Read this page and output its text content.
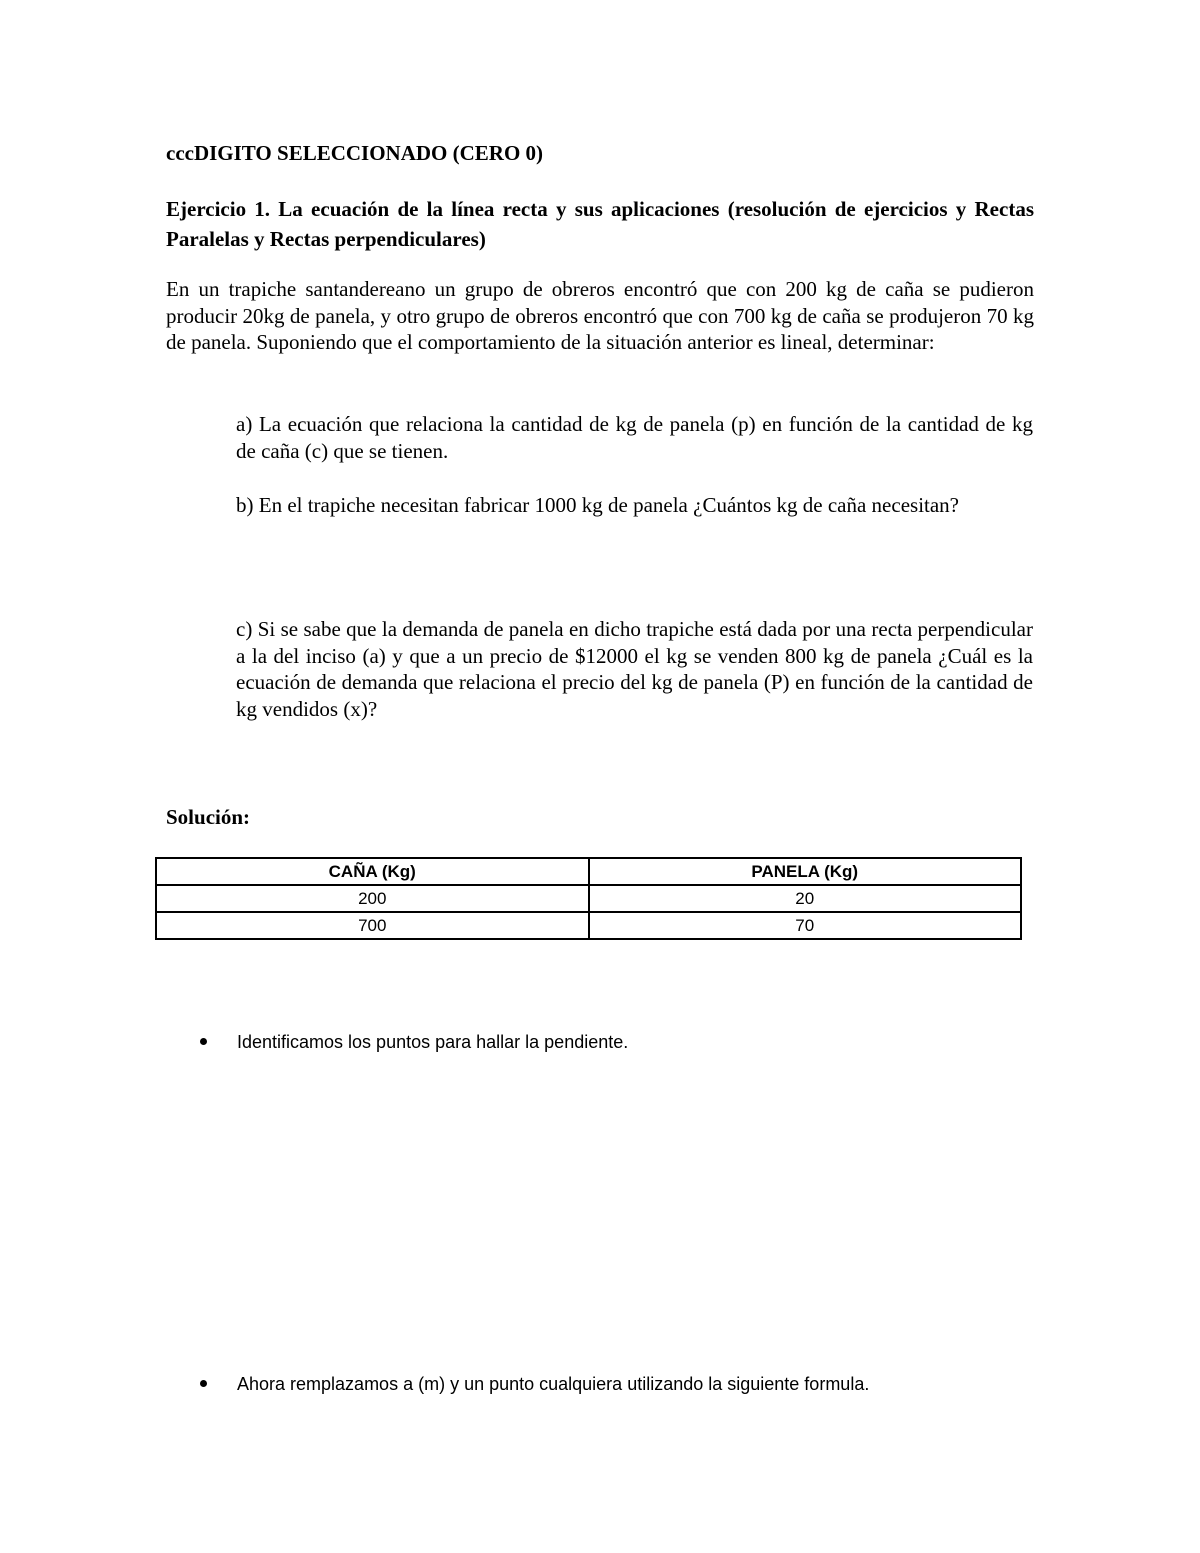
cccDIGITO SELECCIONADO (CERO 0)
Ejercicio 1. La ecuación de la línea recta y sus aplicaciones (resolución de ejercicios y Rectas Paralelas y Rectas perpendiculares)
En un trapiche santandereano un grupo de obreros encontró que con 200 kg de caña se pudieron producir 20kg de panela, y otro grupo de obreros encontró que con 700 kg de caña se produjeron 70 kg de panela. Suponiendo que el comportamiento de la situación anterior es lineal, determinar:
a) La ecuación que relaciona la cantidad de kg de panela (p) en función de la cantidad de kg de caña (c) que se tienen.
b) En el trapiche necesitan fabricar 1000 kg de panela ¿Cuántos kg de caña necesitan?
c) Si se sabe que la demanda de panela en dicho trapiche está dada por una recta perpendicular a la del inciso (a) y que a un precio de $12000 el kg se venden 800 kg de panela ¿Cuál es la ecuación de demanda que relaciona el precio del kg de panela (P) en función de la cantidad de kg vendidos (x)?
Solución:
CAÑA (Kg)	PANELA (Kg)
200	20
700	70
Identificamos los puntos para hallar la pendiente.
Ahora remplazamos a (m) y un punto cualquiera utilizando la siguiente formula.
